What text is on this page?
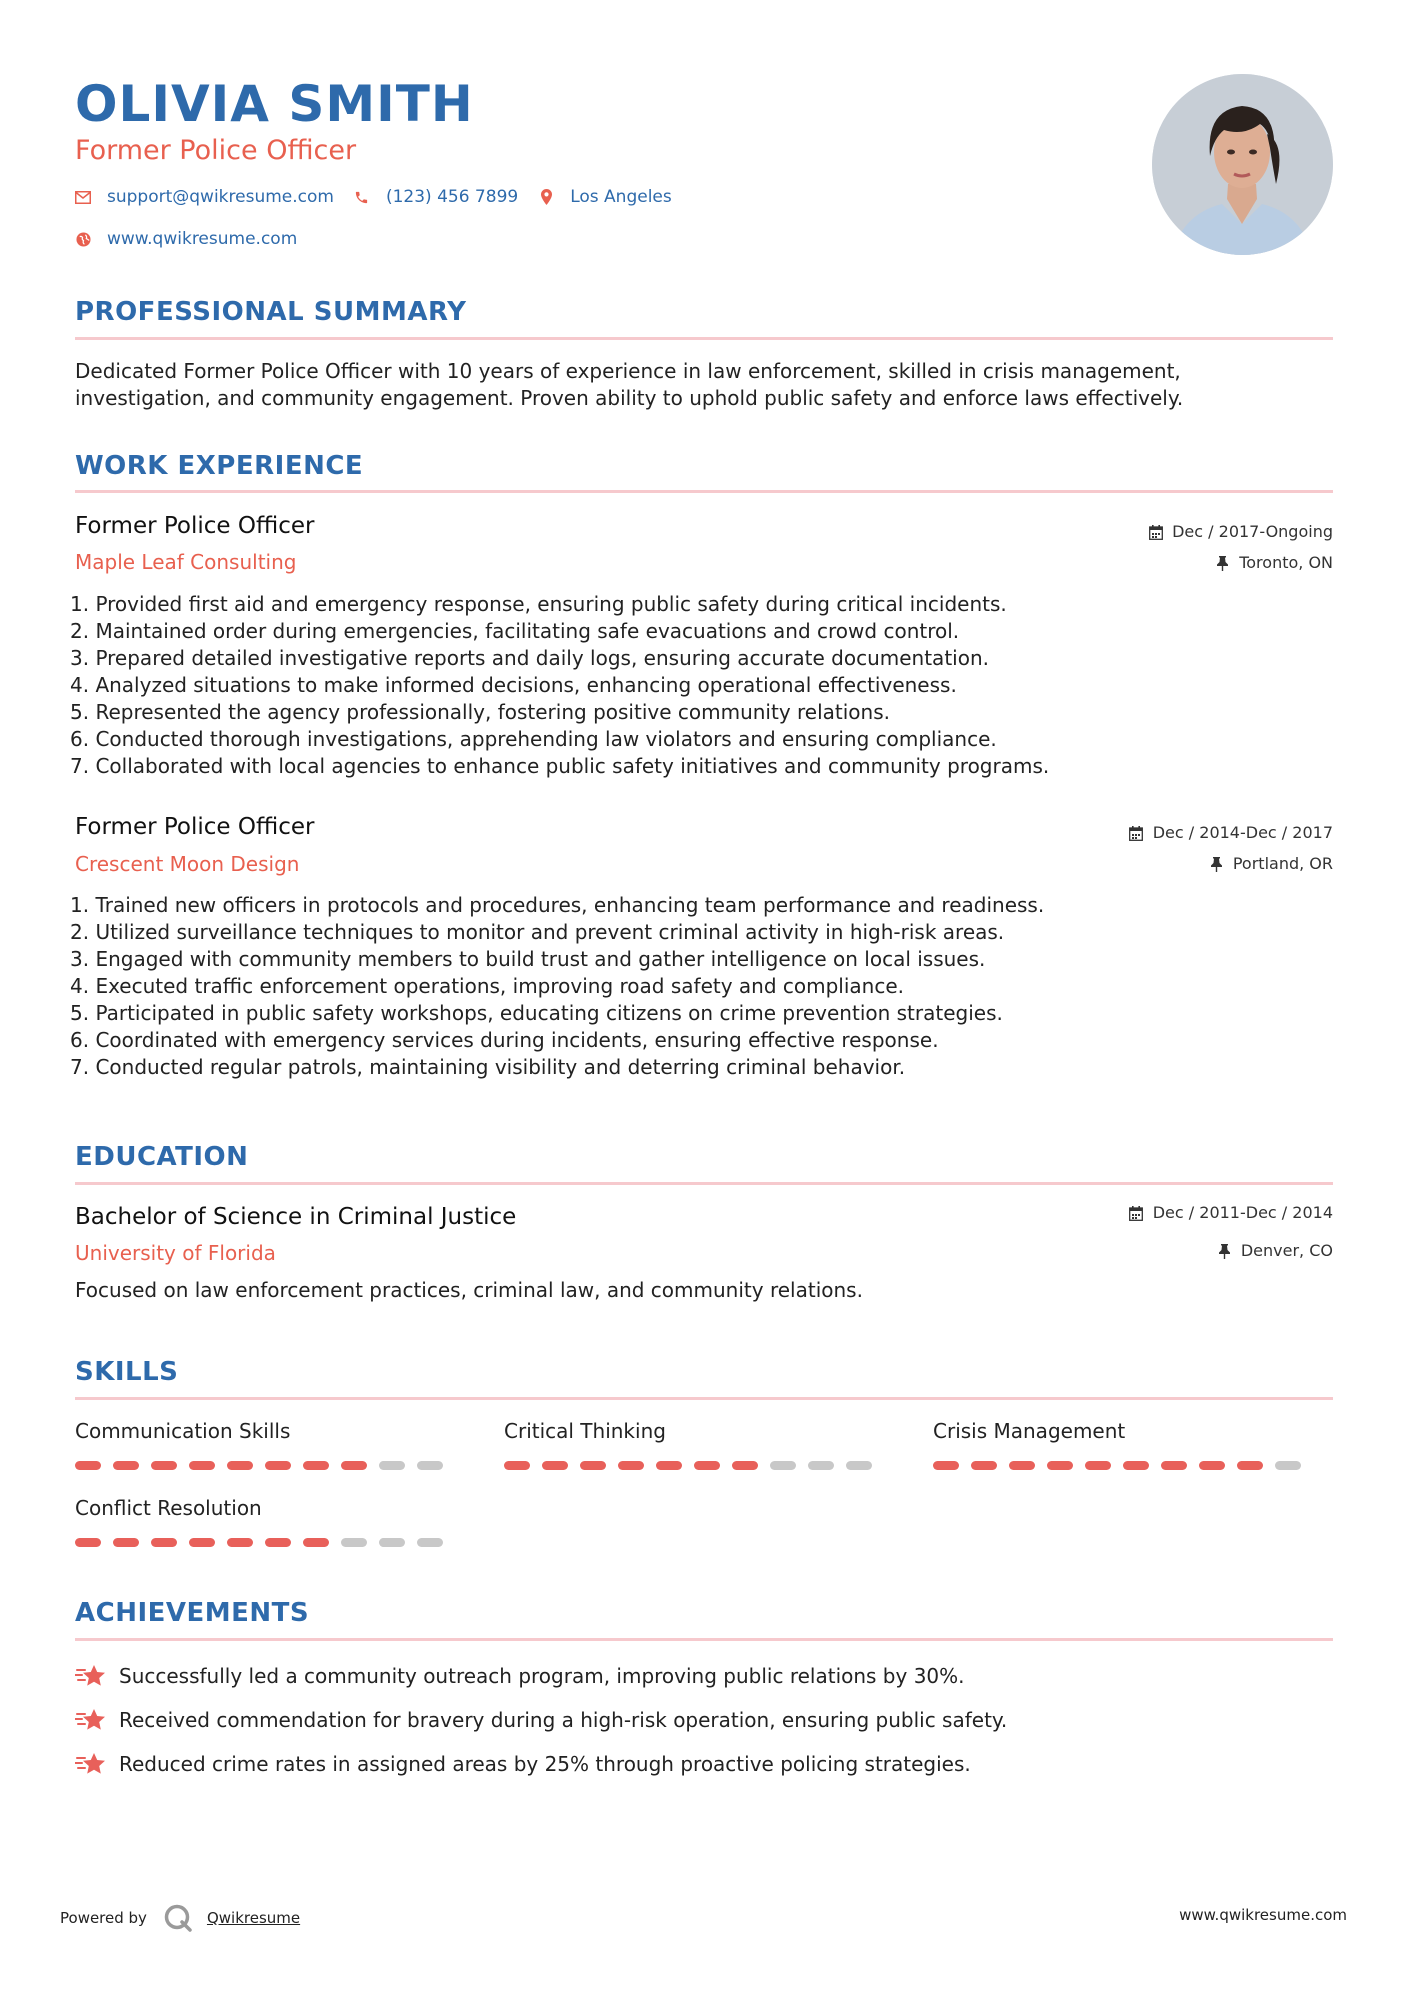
OLIVIA SMITH
Former Police Officer
support@qwikresume.com	(123) 456 7899	Los Angeles
www.qwikresume.com
PROFESSIONAL SUMMARY
Dedicated Former Police Officer with 10 years of experience in law enforcement, skilled in crisis management, investigation, and community engagement. Proven ability to uphold public safety and enforce laws effectively.
WORK EXPERIENCE
Former Police Officer
Maple Leaf Consulting
Dec / 2017-Ongoing
Toronto, ON
1. Provided first aid and emergency response, ensuring public safety during critical incidents.
2. Maintained order during emergencies, facilitating safe evacuations and crowd control.
3. Prepared detailed investigative reports and daily logs, ensuring accurate documentation.
4. Analyzed situations to make informed decisions, enhancing operational effectiveness.
5. Represented the agency professionally, fostering positive community relations.
6. Conducted thorough investigations, apprehending law violators and ensuring compliance.
7. Collaborated with local agencies to enhance public safety initiatives and community programs.
Former Police Officer
Crescent Moon Design
Dec / 2014-Dec / 2017
Portland, OR
1. Trained new officers in protocols and procedures, enhancing team performance and readiness.
2. Utilized surveillance techniques to monitor and prevent criminal activity in high-risk areas.
3. Engaged with community members to build trust and gather intelligence on local issues.
4. Executed traffic enforcement operations, improving road safety and compliance.
5. Participated in public safety workshops, educating citizens on crime prevention strategies.
6. Coordinated with emergency services during incidents, ensuring effective response.
7. Conducted regular patrols, maintaining visibility and deterring criminal behavior.
EDUCATION
Bachelor of Science in Criminal Justice
University of Florida
Dec / 2011-Dec / 2014
Denver, CO
Focused on law enforcement practices, criminal law, and community relations.
SKILLS
Communication Skills	Critical Thinking	Crisis Management
Conflict Resolution
ACHIEVEMENTS
Successfully led a community outreach program, improving public relations by 30%.
Received commendation for bravery during a high-risk operation, ensuring public safety.
Reduced crime rates in assigned areas by 25% through proactive policing strategies.
Powered by	Qwikresume	www.qwikresume.com
